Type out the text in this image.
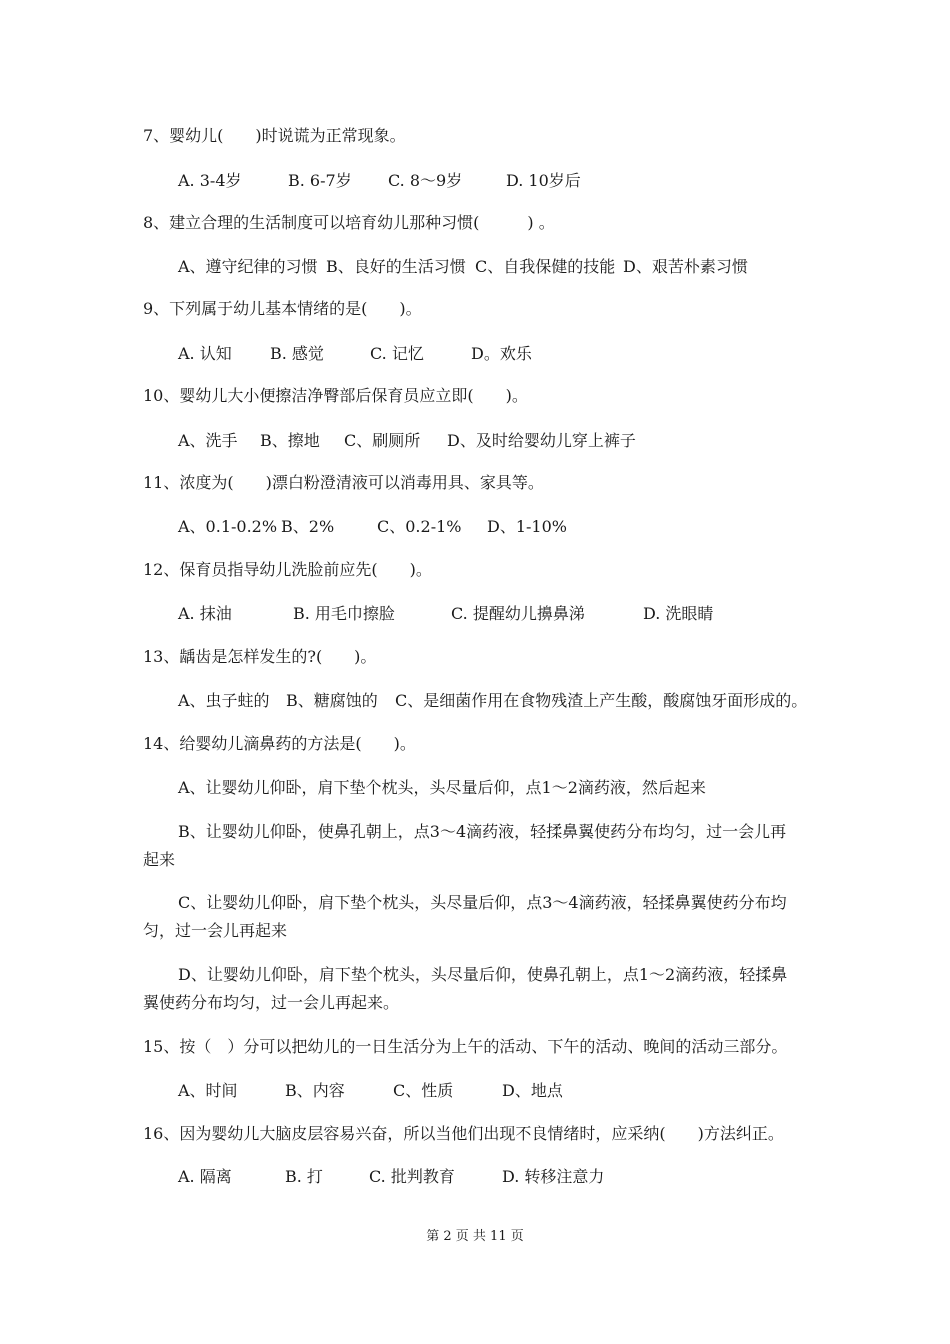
7、婴幼儿(　　)时说谎为正常现象。
A. 3-4岁	B. 6-7岁 C. 8～9岁	D. 10岁后
8、建立合理的生活制度可以培育幼儿那种习惯(　　　) 。
A、遵守纪律的习惯 B、良好的生活习惯 C、自我保健的技能 D、艰苦朴素习惯
9、下列属于幼儿基本情绪的是(　　)。
A. 认知 B. 感觉	C. 记忆	D。欢乐
10、婴幼儿大小便擦洁净臀部后保育员应立即(　　)。
A、洗手 B、擦地 C、刷厕所 D、及时给婴幼儿穿上裤子
11、浓度为(　　)漂白粉澄清液可以消毒用具、家具等。
A、0.1-0.2% B、2%	C、0.2-1% D、1-10%
12、保育员指导幼儿洗脸前应先(　　)。
A. 抹油	B. 用毛巾擦脸	C. 提醒幼儿擤鼻涕	D. 洗眼睛
13、龋齿是怎样发生的?(　　)。
A、虫子蛀的 B、糖腐蚀的 C、是细菌作用在食物残渣上产生酸，酸腐蚀牙面形成的。
14、给婴幼儿滴鼻药的方法是(　　)。
A、让婴幼儿仰卧，肩下垫个枕头，头尽量后仰，点1～2滴药液，然后起来
B、让婴幼儿仰卧，使鼻孔朝上，点3～4滴药液，轻揉鼻翼使药分布均匀，过一会儿再
起来
C、让婴幼儿仰卧，肩下垫个枕头，头尽量后仰，点3～4滴药液，轻揉鼻翼使药分布均
匀，过一会儿再起来
D、让婴幼儿仰卧，肩下垫个枕头，头尽量后仰，使鼻孔朝上，点1～2滴药液，轻揉鼻
翼使药分布均匀，过一会儿再起来。
15、按（　）分可以把幼儿的一日生活分为上午的活动、下午的活动、晚间的活动三部分。
A、时间	B、内容	C、性质	D、地点
16、因为婴幼儿大脑皮层容易兴奋，所以当他们出现不良情绪时，应采纳(　　)方法纠正。
A. 隔离	B. 打	C. 批判教育	D. 转移注意力
第 2 页 共 11 页
